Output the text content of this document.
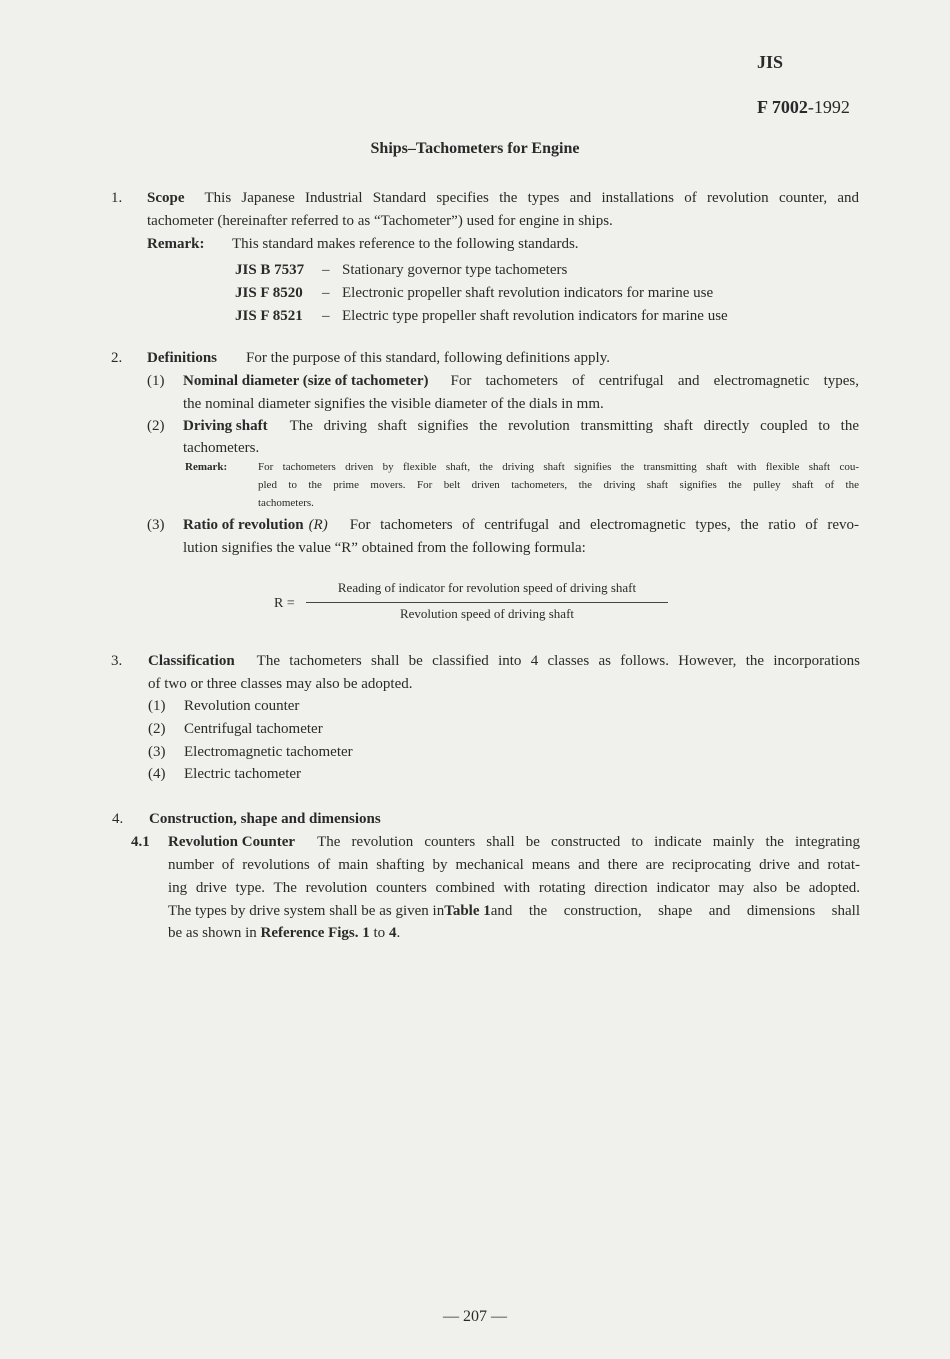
JIS
F 7002-1992
Ships–Tachometers for Engine
1. Scope This Japanese Industrial Standard specifies the types and installations of revolution counter, and
tachometer (hereinafter referred to as “Tachometer”) used for engine in ships.
Remark: This standard makes reference to the following standards.
JIS B 7537 – Stationary governor type tachometers
JIS F 8520 – Electronic propeller shaft revolution indicators for marine use
JIS F 8521 – Electric type propeller shaft revolution indicators for marine use
2. Definitions For the purpose of this standard, following definitions apply.
(1) Nominal diameter (size of tachometer) For tachometers of centrifugal and electromagnetic types,
the nominal diameter signifies the visible diameter of the dials in mm.
(2) Driving shaft The driving shaft signifies the revolution transmitting shaft directly coupled to the
tachometers.
Remark:	For tachometers driven by flexible shaft, the driving shaft signifies the transmitting shaft with flexible shaft cou-
pled to the prime movers. For belt driven tachometers, the driving shaft signifies the pulley shaft of the
tachometers.
(3) Ratio of revolution (R) For tachometers of centrifugal and electromagnetic types, the ratio of revo-
lution signifies the value “R” obtained from the following formula:
R =
Reading of indicator for revolution speed of driving shaft
Revolution speed of driving shaft
3. Classification The tachometers shall be classified into 4 classes as follows. However, the incorporations
of two or three classes may also be adopted.
(1) Revolution counter
(2) Centrifugal tachometer
(3) Electromagnetic tachometer
(4) Electric tachometer
4. Construction, shape and dimensions
4.1 Revolution Counter The revolution counters shall be constructed to indicate mainly the integrating
number of revolutions of main shafting by mechanical means and there are reciprocating drive and rotat-
ing drive type. The revolution counters combined with rotating direction indicator may also be adopted.
The types by drive system shall be as given in Table 1 and the construction, shape and dimensions shall
be as shown in Reference Figs. 1 to 4.
— 207 —
